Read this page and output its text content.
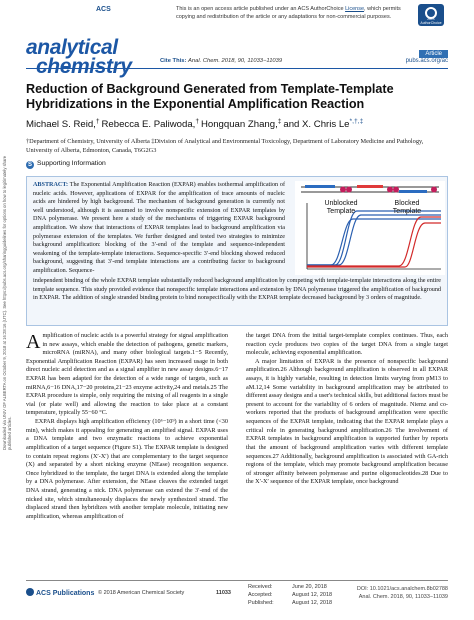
Downloaded via UNIV OF ALBERTA on October 9, 2018 at 16:28:16 (UTC). See https://pubs.acs.org/sharingguidelines for options on how to legitimately share published articles.
ACS	This is an open access article published under an ACS AuthorChoice License, which permits copying and redistribution of the article or any adaptations for non-commercial purposes.	ACS AuthorChoice
analytical
chemistry	Cite This: Anal. Chem. 2018, 90, 11033−11039
Article
pubs.acs.org/ac
Reduction of Background Generated from Template-Template Hybridizations in the Exponential Amplification Reaction
Michael S. Reid,† Rebecca E. Paliwoda,† Hongquan Zhang,‡ and X. Chris Le*,†,‡
†Department of Chemistry, University of Alberta ‡Division of Analytical and Environmental Toxicology, Department of Laboratory Medicine and Pathology, University of Alberta, Edmonton, Canada, T6G2G3
S Supporting Information
ABSTRACT: The Exponential Amplification Reaction (EXPAR) enables isothermal amplification of nucleic acids. However, applications of EXPAR for the amplification of trace amounts of nucleic acids are hindered by high background. The mechanism of background generation is currently not well understood, although it is assumed to involve nonspecific extension of EXPAR templates by DNA polymerase. We present here a study of the mechanisms of triggering EXPAR background amplification. We show that interactions of EXPAR templates lead to background amplification via polymerase extension of the templates. We further designed and tested two strategies to minimize background amplification: blocking of the 3′-end of the template and sequence-independent weakening of the template-template interactions. Sequence-specific 3′-end blocking showed reduced background, suggesting that 3′-end template interactions are a contributing factor to background amplification. Sequence-
Unblocked
Template
Blocked
Template
independent binding of the whole EXPAR template substantially reduced background amplification by competing with template-template interactions along the entire template sequence. This study provided evidence that nonspecific template interactions and extension by DNA polymerase triggered the amplification of background in EXPAR. The addition of single stranded binding protein to bind nonspecifically with the EXPAR template decreased background by 3 orders of magnitude.

Amplification of nucleic acids is a powerful strategy for signal amplification in new assays, which enable the detection of pathogens, genetic markers, microRNA (miRNA), and many other biological targets.1−5 Recently, Exponential Amplification Reaction (EXPAR) has seen increased usage in both direct nucleic acid detection and as a signal amplifier in new assay designs.6−17 EXPAR has been adapted for the detection of a wide range of targets, such as miRNA,6−16 DNA,17−20 proteins,21−23 enzyme activity,24 and metals.25 The EXPAR procedure is simple, only requiring the mixing of all reagents in a single vial (or plate well) and allowing the reaction to take place at a constant temperature, typically 55−60 °C.

EXPAR displays high amplification efficiency (10⁶−10⁹) in a short time (<30 min), which makes it appealing for generating an amplified signal. EXPAR uses a DNA template and two enzymatic reactions to achieve exponential amplification of a target sequence (Figure S1). The EXPAR template is designed to contain repeat regions (X′-X′) that are complementary to the target sequence (X) and separated by a short nicking enzyme (NEase) recognition sequence. Once hybridized to the template, the target DNA is extended along the template by a DNA polymerase. After extension, the NEase cleaves the extended target DNA strand, generating a nick. DNA polymerase can extend the 3′-end of the nicked site, which simultaneously displaces the newly synthesized strand. The displaced strand then hybridizes with another template molecule, initiating new amplification, whereas amplification of

the target DNA from the initial target-template complex continues. Thus, each reaction cycle produces two copies of the target DNA from a single target molecule, achieving exponential amplification.

A major limitation of EXPAR is the presence of nonspecific background amplification.26 Although background amplification is observed in all EXPAR assays, it is highly variable, resulting in detection limits varying from pM13 to aM.12,14 Some variability in background amplification may be attributed to different assay designs and a user's technical skills, but additional factors must be present to account for the variability of 6 orders of magnitude. Niemz and co-workers reported that the products of background amplification were specific sequences of the EXPAR template, indicating that the EXPAR template plays a critical role in generating background amplification.26 The involvement of EXPAR templates in background amplification is supported further by reports that the amount of background amplification varies with different template sequences.27 Additionally, background amplification is associated with GA-rich regions of the template, which may promote background amplification because of stronger affinity between polymerase and purine oligonucleotides.28 Due to the X′-X′ sequence of the EXPAR template, once background

ACS Publications © 2018 American Chemical Society	11033
Received:	June 20, 2018
Accepted:	August 12, 2018
Published:	August 12, 2018
DOI: 10.1021/acs.analchem.8b02788
Anal. Chem. 2018, 90, 11033−11039
